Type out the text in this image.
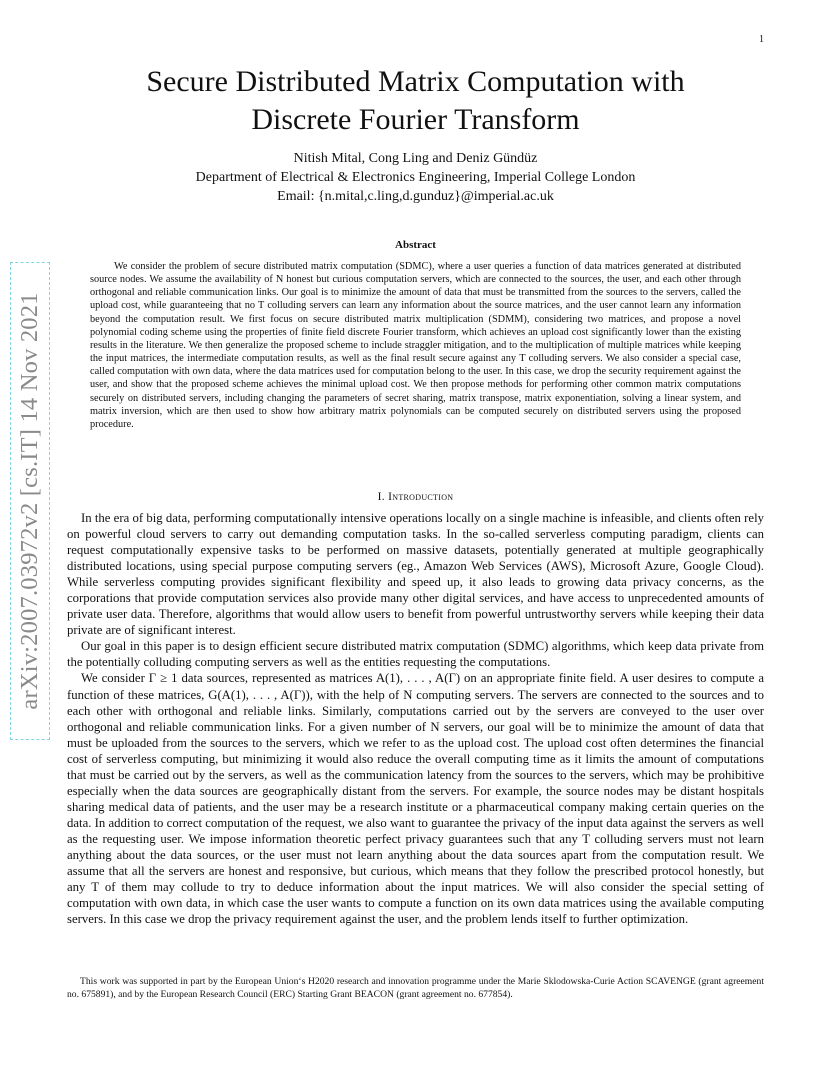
1
arXiv:2007.03972v2 [cs.IT] 14 Nov 2021
Secure Distributed Matrix Computation with
Discrete Fourier Transform
Nitish Mital, Cong Ling and Deniz Gündüz
Department of Electrical & Electronics Engineering, Imperial College London
Email: {n.mital,c.ling,d.gunduz}@imperial.ac.uk
Abstract

We consider the problem of secure distributed matrix computation (SDMC), where a user queries a function of data matrices generated at distributed source nodes. We assume the availability of N honest but curious computation servers, which are connected to the sources, the user, and each other through orthogonal and reliable communication links. Our goal is to minimize the amount of data that must be transmitted from the sources to the servers, called the upload cost, while guaranteeing that no T colluding servers can learn any information about the source matrices, and the user cannot learn any information beyond the computation result. We first focus on secure distributed matrix multiplication (SDMM), considering two matrices, and propose a novel polynomial coding scheme using the properties of finite field discrete Fourier transform, which achieves an upload cost significantly lower than the existing results in the literature. We then generalize the proposed scheme to include straggler mitigation, and to the multiplication of multiple matrices while keeping the input matrices, the intermediate computation results, as well as the final result secure against any T colluding servers. We also consider a special case, called computation with own data, where the data matrices used for computation belong to the user. In this case, we drop the security requirement against the user, and show that the proposed scheme achieves the minimal upload cost. We then propose methods for performing other common matrix computations securely on distributed servers, including changing the parameters of secret sharing, matrix transpose, matrix exponentiation, solving a linear system, and matrix inversion, which are then used to show how arbitrary matrix polynomials can be computed securely on distributed servers using the proposed procedure.

I. Introduction

In the era of big data, performing computationally intensive operations locally on a single machine is infeasible, and clients often rely on powerful cloud servers to carry out demanding computation tasks. In the so-called serverless computing paradigm, clients can request computationally expensive tasks to be performed on massive datasets, potentially generated at multiple geographically distributed locations, using special purpose computing servers (eg., Amazon Web Services (AWS), Microsoft Azure, Google Cloud). While serverless computing provides significant flexibility and speed up, it also leads to growing data privacy concerns, as the corporations that provide computation services also provide many other digital services, and have access to unprecedented amounts of private user data. Therefore, algorithms that would allow users to benefit from powerful untrustworthy servers while keeping their data private are of significant interest.

Our goal in this paper is to design efficient secure distributed matrix computation (SDMC) algorithms, which keep data private from the potentially colluding computing servers as well as the entities requesting the computations.

We consider Γ ≥ 1 data sources, represented as matrices A(1), . . . , A(Γ) on an appropriate finite field. A user desires to compute a function of these matrices, G(A(1), . . . , A(Γ)), with the help of N computing servers. The servers are connected to the sources and to each other with orthogonal and reliable links. Similarly, computations carried out by the servers are conveyed to the user over orthogonal and reliable communication links. For a given number of N servers, our goal will be to minimize the amount of data that must be uploaded from the sources to the servers, which we refer to as the upload cost. The upload cost often determines the financial cost of serverless computing, but minimizing it would also reduce the overall computing time as it limits the amount of computations that must be carried out by the servers, as well as the communication latency from the sources to the servers, which may be prohibitive especially when the data sources are geographically distant from the servers. For example, the source nodes may be distant hospitals sharing medical data of patients, and the user may be a research institute or a pharmaceutical company making certain queries on the data. In addition to correct computation of the request, we also want to guarantee the privacy of the input data against the servers as well as the requesting user. We impose information theoretic perfect privacy guarantees such that any T colluding servers must not learn anything about the data sources, or the user must not learn anything about the data sources apart from the computation result. We assume that all the servers are honest and responsive, but curious, which means that they follow the prescribed protocol honestly, but any T of them may collude to try to deduce information about the input matrices. We will also consider the special setting of computation with own data, in which case the user wants to compute a function on its own data matrices using the available computing servers. In this case we drop the privacy requirement against the user, and the problem lends itself to further optimization.

This work was supported in part by the European Union‘s H2020 research and innovation programme under the Marie Sklodowska-Curie Action SCAVENGE (grant agreement no. 675891), and by the European Research Council (ERC) Starting Grant BEACON (grant agreement no. 677854).
